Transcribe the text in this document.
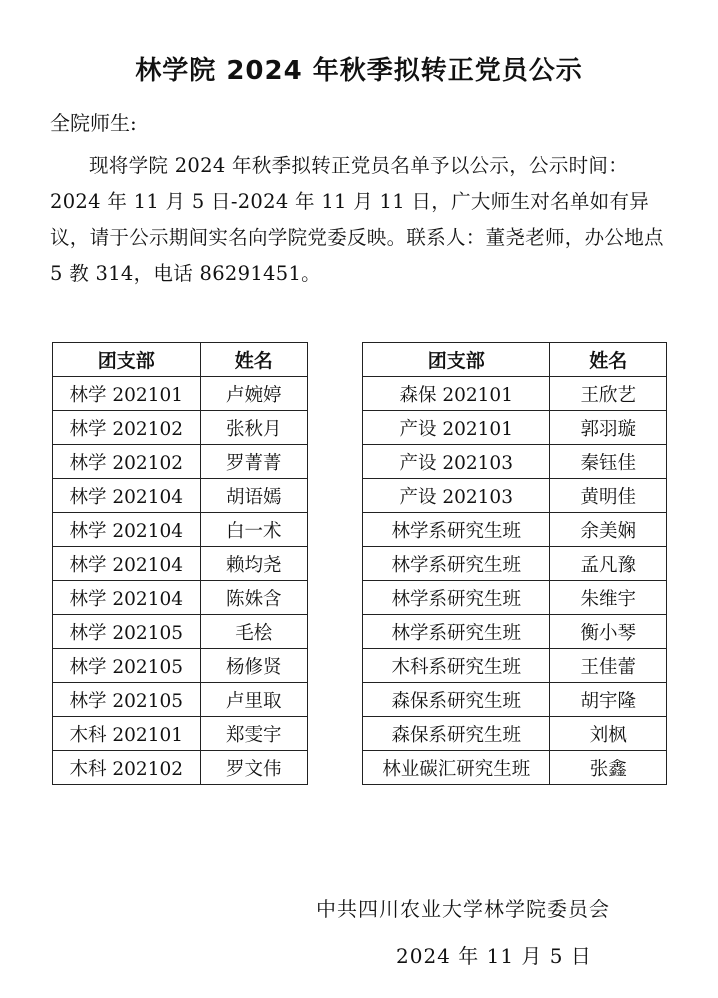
林学院 2024 年秋季拟转正党员公示
全院师生:
现将学院 2024 年秋季拟转正党员名单予以公示，公示时间：2024 年 11 月 5 日-2024 年 11 月 11 日，广大师生对名单如有异议，请于公示期间实名向学院党委反映。联系人：董尧老师，办公地点 5 教 314，电话 86291451。
团支部	姓名
林学 202101	卢婉婷
林学 202102	张秋月
林学 202102	罗菁菁
林学 202104	胡语嫣
林学 202104	白一术
林学 202104	赖均尧
林学 202104	陈姝含
林学 202105	毛桧
林学 202105	杨修贤
林学 202105	卢里取
木科 202101	郑雯宇
木科 202102	罗文伟
团支部	姓名
森保 202101	王欣艺
产设 202101	郭羽璇
产设 202103	秦钰佳
产设 202103	黄明佳
林学系研究生班	余美娴
林学系研究生班	孟凡豫
林学系研究生班	朱维宇
林学系研究生班	衡小琴
木科系研究生班	王佳蕾
森保系研究生班	胡宇隆
森保系研究生班	刘枫
林业碳汇研究生班	张鑫
中共四川农业大学林学院委员会
2024 年 11 月 5 日
